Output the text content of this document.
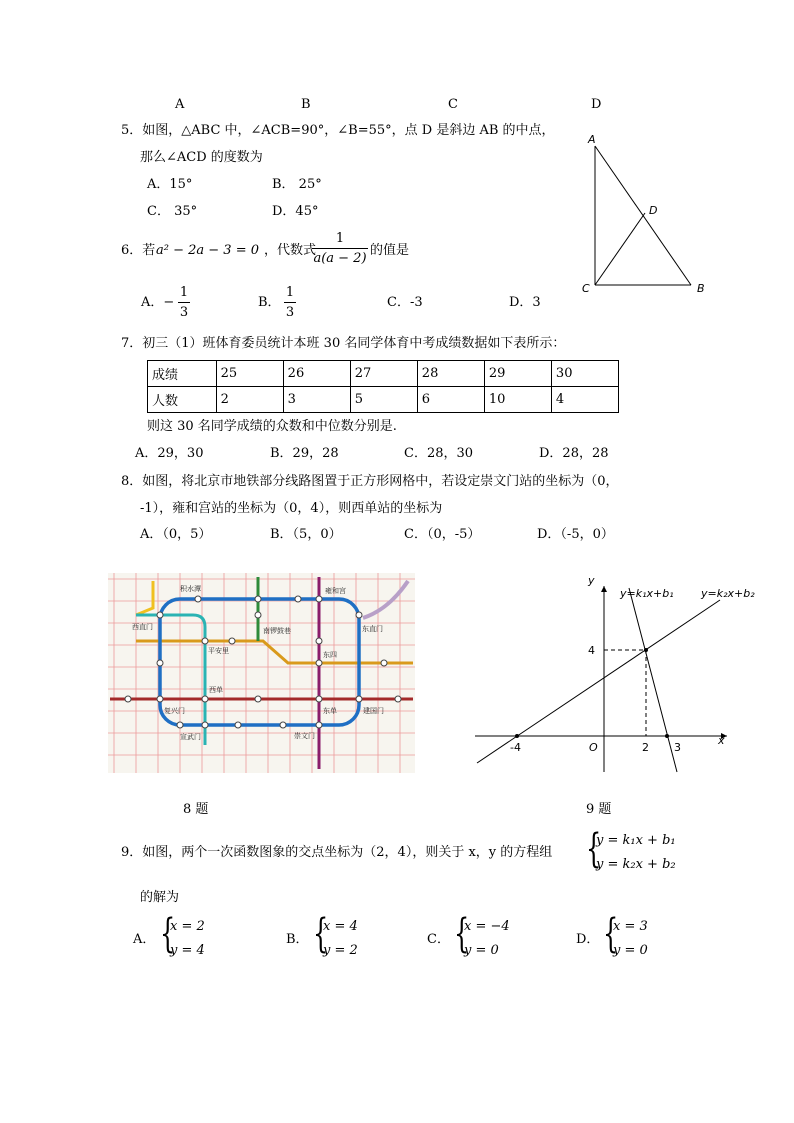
A	B	C	D
5．如图，△ABC 中，∠ACB=90°，∠B=55°，点 D 是斜边 AB 的中点，
那么∠ACD 的度数为
A．15°	B． 25°
C． 35°	D．45°
A
D
C	B
6．若 a² − 2a − 3 = 0 ，代数式
1
a(a − 2)
的值是
A．−
1
3
B．
1
3
C．-3	D．3
7．初三（1）班体育委员统计本班 30 名同学体育中考成绩数据如下表所示：
成绩	25	26	27	28	29	30
人数	2	3	5	6	10	4
则这 30 名同学成绩的众数和中位数分别是.
A．29，30	B．29，28	C．28，30	D．28，28
8．如图，将北京市地铁部分线路图置于正方形网格中，若设定崇文门站的坐标为（0，
-1），雍和宫站的坐标为（0，4），则西单站的坐标为
A．（0，5）	B．（5，0）	C．（0，-5）	D．（-5，0）
积水潭	雍和宫
西直门	东直门
南锣鼓巷
平安里	东四
西单
复兴门	东单	建国门
宣武门	崇文门
y
x
O
-4	2 3
4
y=k₁x+b₁ y=k₂x+b₂
8 题	9 题
9．如图，两个一次函数图象的交点坐标为（2，4），则关于 x，y 的方程组 {
y = k₁x + b₁
y = k₂x + b₂
的解为
A． {
x = 2
y = 4
B． {
x = 4
y = 2
C． {
x = −4
y = 0
D． {
x = 3
y = 0
